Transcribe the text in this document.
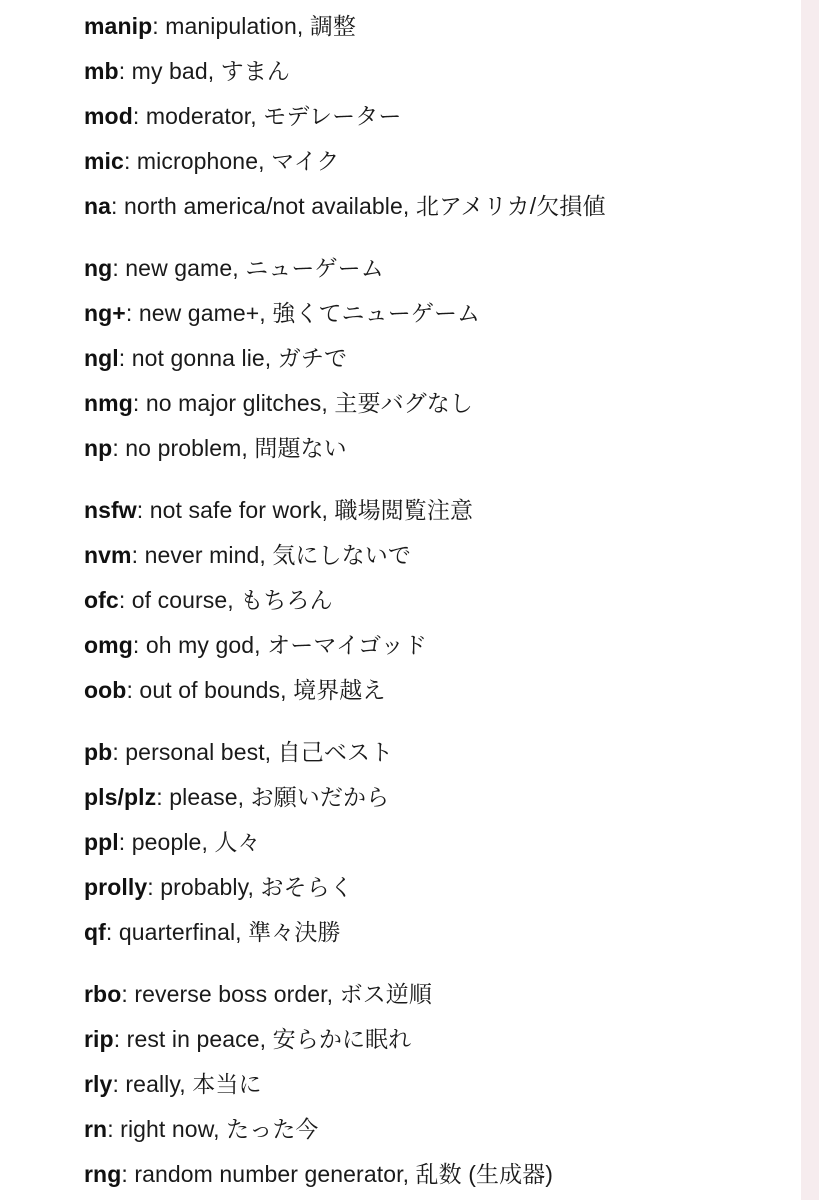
manip: manipulation, 調整
mb: my bad, すまん
mod: moderator, モデレーター
mic: microphone, マイク
na: north america/not available, 北アメリカ/欠損値
ng: new game, ニューゲーム
ng+: new game+, 強くてニューゲーム
ngl: not gonna lie, ガチで
nmg: no major glitches, 主要バグなし
np: no problem, 問題ない
nsfw: not safe for work, 職場閲覧注意
nvm: never mind, 気にしないで
ofc: of course, もちろん
omg: oh my god, オーマイゴッド
oob: out of bounds, 境界越え
pb: personal best, 自己ベスト
pls/plz: please, お願いだから
ppl: people, 人々
prolly: probably, おそらく
qf: quarterfinal, 準々決勝
rbo: reverse boss order, ボス逆順
rip: rest in peace, 安らかに眠れ
rly: really, 本当に
rn: right now, たった今
rng: random number generator, 乱数 (生成器)
